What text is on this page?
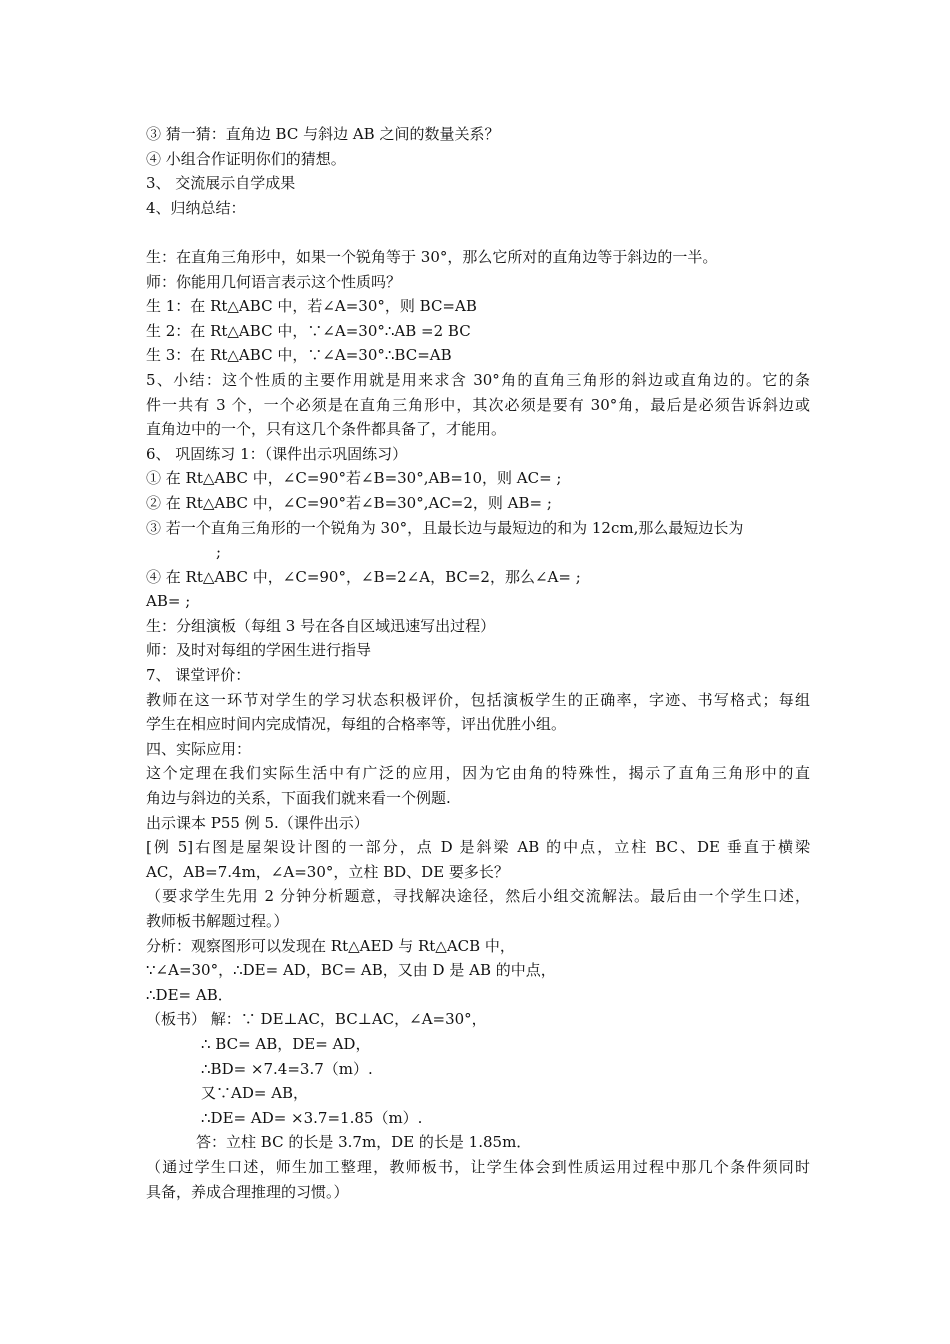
③ 猜一猜：直角边 BC 与斜边 AB 之间的数量关系？
④ 小组合作证明你们的猜想。
3、 交流展示自学成果
4、归纳总结：
生：在直角三角形中，如果一个锐角等于 30°，那么它所对的直角边等于斜边的一半。
师：你能用几何语言表示这个性质吗？
生 1：在 Rt△ABC 中，若∠A=30°，则 BC=AB
生 2：在 Rt△ABC 中，∵∠A=30°∴AB =2 BC
生 3：在 Rt△ABC 中，∵∠A=30°∴BC=AB
5、小结：这个性质的主要作用就是用来求含 30°角的直角三角形的斜边或直角边的。它的条
件一共有 3 个，一个必须是在直角三角形中，其次必须是要有 30°角，最后是必须告诉斜边或
直角边中的一个，只有这几个条件都具备了，才能用。
6、 巩固练习 1：（课件出示巩固练习）
① 在 Rt△ABC 中，∠C=90°若∠B=30°,AB=10，则 AC= ;
② 在 Rt△ABC 中，∠C=90°若∠B=30°,AC=2，则 AB= ;
③ 若一个直角三角形的一个锐角为 30°，且最长边与最短边的和为 12cm,那么最短边长为
;
④ 在 Rt△ABC 中，∠C=90°，∠B=2∠A，BC=2，那么∠A= ;
AB= ;
生：分组演板（每组 3 号在各自区域迅速写出过程）
师：及时对每组的学困生进行指导
7、 课堂评价：
教师在这一环节对学生的学习状态积极评价，包括演板学生的正确率，字迹、书写格式；每组
学生在相应时间内完成情况，每组的合格率等，评出优胜小组。
四、实际应用：
这个定理在我们实际生活中有广泛的应用，因为它由角的特殊性，揭示了直角三角形中的直
角边与斜边的关系，下面我们就来看一个例题.
出示课本 P55 例 5.（课件出示）
[例 5]右图是屋架设计图的一部分，点 D 是斜梁 AB 的中点，立柱 BC、DE 垂直于横梁
AC，AB=7.4m，∠A=30°，立柱 BD、DE 要多长？
（要求学生先用 2 分钟分析题意，寻找解决途径，然后小组交流解法。最后由一个学生口述，
教师板书解题过程。）
分析：观察图形可以发现在 Rt△AED 与 Rt△ACB 中，
∵∠A=30°，∴DE= AD，BC= AB，又由 D 是 AB 的中点，
∴DE= AB．
（板书） 解：∵ DE⊥AC，BC⊥AC，∠A=30°，
∴ BC= AB，DE= AD，
∴BD= ×7.4=3.7（m）.
又∵AD= AB，
∴DE= AD= ×3.7=1.85（m）.
答：立柱 BC 的长是 3.7m，DE 的长是 1.85m．
（通过学生口述，师生加工整理，教师板书，让学生体会到性质运用过程中那几个条件须同时
具备，养成合理推理的习惯。）
